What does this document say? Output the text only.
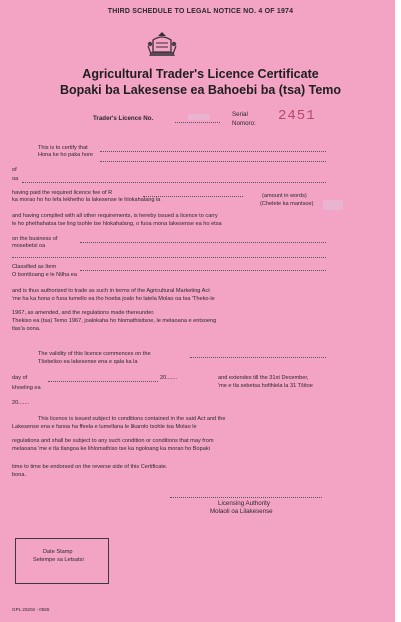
THIRD SCHEDULE TO LEGAL NOTICE NO. 4 OF 1974
Agricultural Trader's Licence Certificate
Bopaki ba Lakesense ea Bahoebi ba (tsa) Temo
Trader's Licence No.
Serial
Nomoro: 2451
This is to certify that
Hona ke ho paka hore
of
oa
having paid the required licence fee of R
ka morao ho ho lefa lekhetho la lakesense le hlokahalang la
(amount in words)
(Chelete ka mantsoe)
and having complied with all other requirements, is hereby issued a licence to carry
le ho phethahatsa tse ling tsohle tse hlokahalang, o fuoa mona lakesense ea ho etsa
on the business of
mosebetsi oa
Classified as Item
O bontšoang e le Ntlha ea
and is thus authorized to trade as such in terms of the Agricultural Marketing Act
'me ha ka hona o fuoa tumello ea iho hoeba joalo ho latela Molao oa tsa 'Theko-le
1967, as amended, and the regulations made thereunder.
Thekiso ea (tsa) Temo 1967, joalokaha ho hlomathisitsoe, le melaoana e entsoeng
tlas'a oona.
The validity of this licence commences on the
Tšebeliso ea lakesense ena e qala ka la
day of	20.......	and extendes till the 31st December,
'me e tla sebetsa hofihlela la 31 Tšitoe
khoeling ea
20.......
This licence is issued subject to conditions contained in the said Act and the
Lakesense ena e fanoa ha ffeela e lumellana le likarolo tsohle tsa Molao le
regulations and shall be subject to any such condition or conditions that may from
melaoana 'me e tla tlangoa ke lihlomathiso tse ka ngoloang ka morao ho Bopaki
time to time be endorsed on the reverse side of this Certificate.
bona.
Licensing Authority
Molaoli oa Lilakesense
Date Stamp
Setempe sa Letsatsi
GPL 20202 - 0555
